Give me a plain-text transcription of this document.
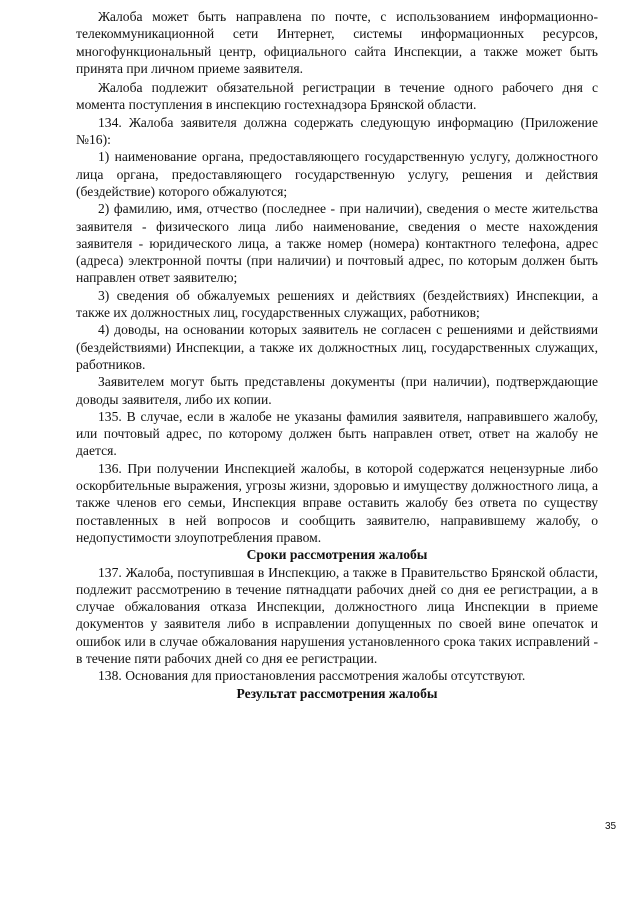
Жалоба может быть направлена по почте, с использованием информационно-телекоммуникационной сети Интернет, системы информационных ресурсов, многофункциональный центр, официального сайта Инспекции, а также может быть принята при личном приеме заявителя.

Жалоба подлежит обязательной регистрации в течение одного рабочего дня с момента поступления в инспекцию гостехнадзора Брянской области.

134. Жалоба заявителя должна содержать следующую информацию (Приложение №16):

1) наименование органа, предоставляющего государственную услугу, должностного лица органа, предоставляющего государственную услугу, решения и действия (бездействие) которого обжалуются;

2) фамилию, имя, отчество (последнее - при наличии), сведения о месте жительства заявителя - физического лица либо наименование, сведения о месте нахождения заявителя - юридического лица, а также номер (номера) контактного телефона, адрес (адреса) электронной почты (при наличии) и почтовый адрес, по которым должен быть направлен ответ заявителю;

3) сведения об обжалуемых решениях и действиях (бездействиях) Инспекции, а также их должностных лиц, государственных служащих, работников;

4) доводы, на основании которых заявитель не согласен с решениями и действиями (бездействиями) Инспекции, а также их должностных лиц, государственных служащих, работников.

Заявителем могут быть представлены документы (при наличии), подтверждающие доводы заявителя, либо их копии.

135. В случае, если в жалобе не указаны фамилия заявителя, направившего жалобу, или почтовый адрес, по которому должен быть направлен ответ, ответ на жалобу не дается.

136. При получении Инспекцией жалобы, в которой содержатся нецензурные либо оскорбительные выражения, угрозы жизни, здоровью и имуществу должностного лица, а также членов его семьи, Инспекция вправе оставить жалобу без ответа по существу поставленных в ней вопросов и сообщить заявителю, направившему жалобу, о недопустимости злоупотребления правом.

Сроки рассмотрения жалобы

137. Жалоба, поступившая в Инспекцию, а также в Правительство Брянской области, подлежит рассмотрению в течение пятнадцати рабочих дней со дня ее регистрации, а в случае обжалования отказа Инспекции, должностного лица Инспекции в приеме документов у заявителя либо в исправлении допущенных по своей вине опечаток и ошибок или в случае обжалования нарушения установленного срока таких исправлений - в течение пяти рабочих дней со дня ее регистрации.

138. Основания для приостановления рассмотрения жалобы отсутствуют.

Результат рассмотрения жалобы
35
